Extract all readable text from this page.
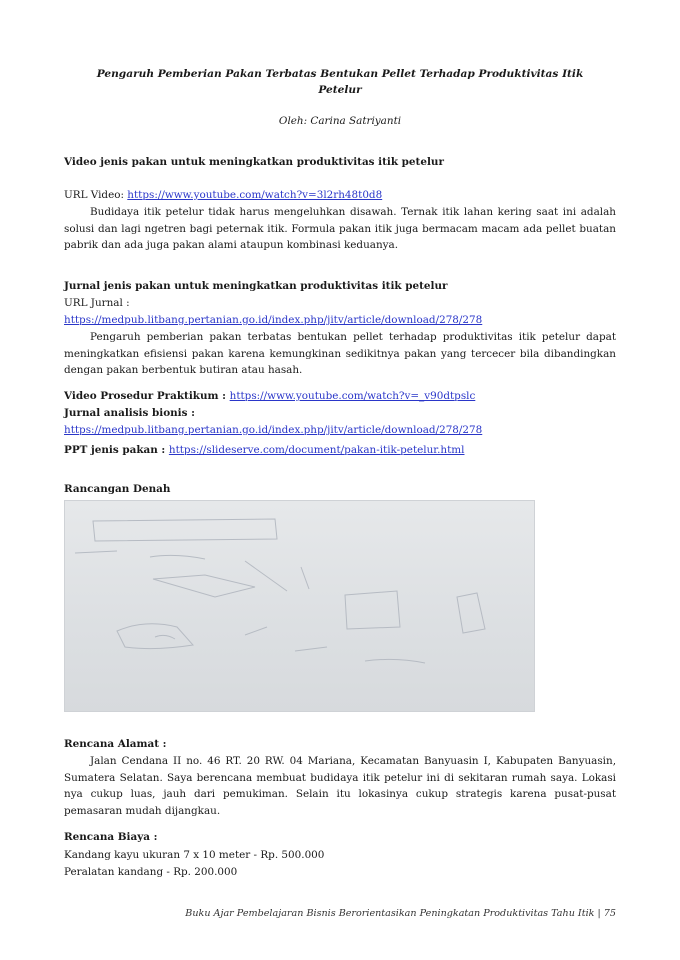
Pengaruh Pemberian Pakan Terbatas Bentukan Pellet Terhadap Produktivitas Itik Petelur
Oleh: Carina Satriyanti
Video jenis pakan untuk meningkatkan produktivitas itik petelur
URL Video: https://www.youtube.com/watch?v=3l2rh48t0d8
Budidaya itik petelur tidak harus mengeluhkan disawah. Ternak itik lahan kering saat ini adalah solusi dan lagi ngetren bagi peternak itik. Formula pakan itik juga bermacam macam ada pellet buatan pabrik dan ada juga pakan alami ataupun kombinasi keduanya.
Jurnal jenis pakan untuk meningkatkan produktivitas itik petelur
URL Jurnal :
https://medpub.litbang.pertanian.go.id/index.php/jitv/article/download/278/278
Pengaruh pemberian pakan terbatas bentukan pellet terhadap produktivitas itik petelur dapat meningkatkan efisiensi pakan karena kemungkinan sedikitnya pakan yang tercecer bila dibandingkan dengan pakan berbentuk butiran atau hasah.
Video Prosedur Praktikum : https://www.youtube.com/watch?v=_v90dtpslc
Jurnal analisis bionis :
https://medpub.litbang.pertanian.go.id/index.php/jitv/article/download/278/278
PPT jenis pakan : https://slideserve.com/document/pakan-itik-petelur.html
Rancangan Denah
Rencana Alamat :
Jalan Cendana II no. 46 RT. 20 RW. 04 Mariana, Kecamatan Banyuasin I, Kabupaten Banyuasin, Sumatera Selatan. Saya berencana membuat budidaya itik petelur ini di sekitaran rumah saya. Lokasi nya cukup luas, jauh dari pemukiman. Selain itu lokasinya cukup strategis karena pusat-pusat pemasaran mudah dijangkau.
Rencana Biaya :
Kandang kayu ukuran 7 x 10 meter - Rp. 500.000
Peralatan kandang - Rp. 200.000
Buku Ajar Pembelajaran Bisnis Berorientasikan Peningkatan Produktivitas Tahu Itik | 75
